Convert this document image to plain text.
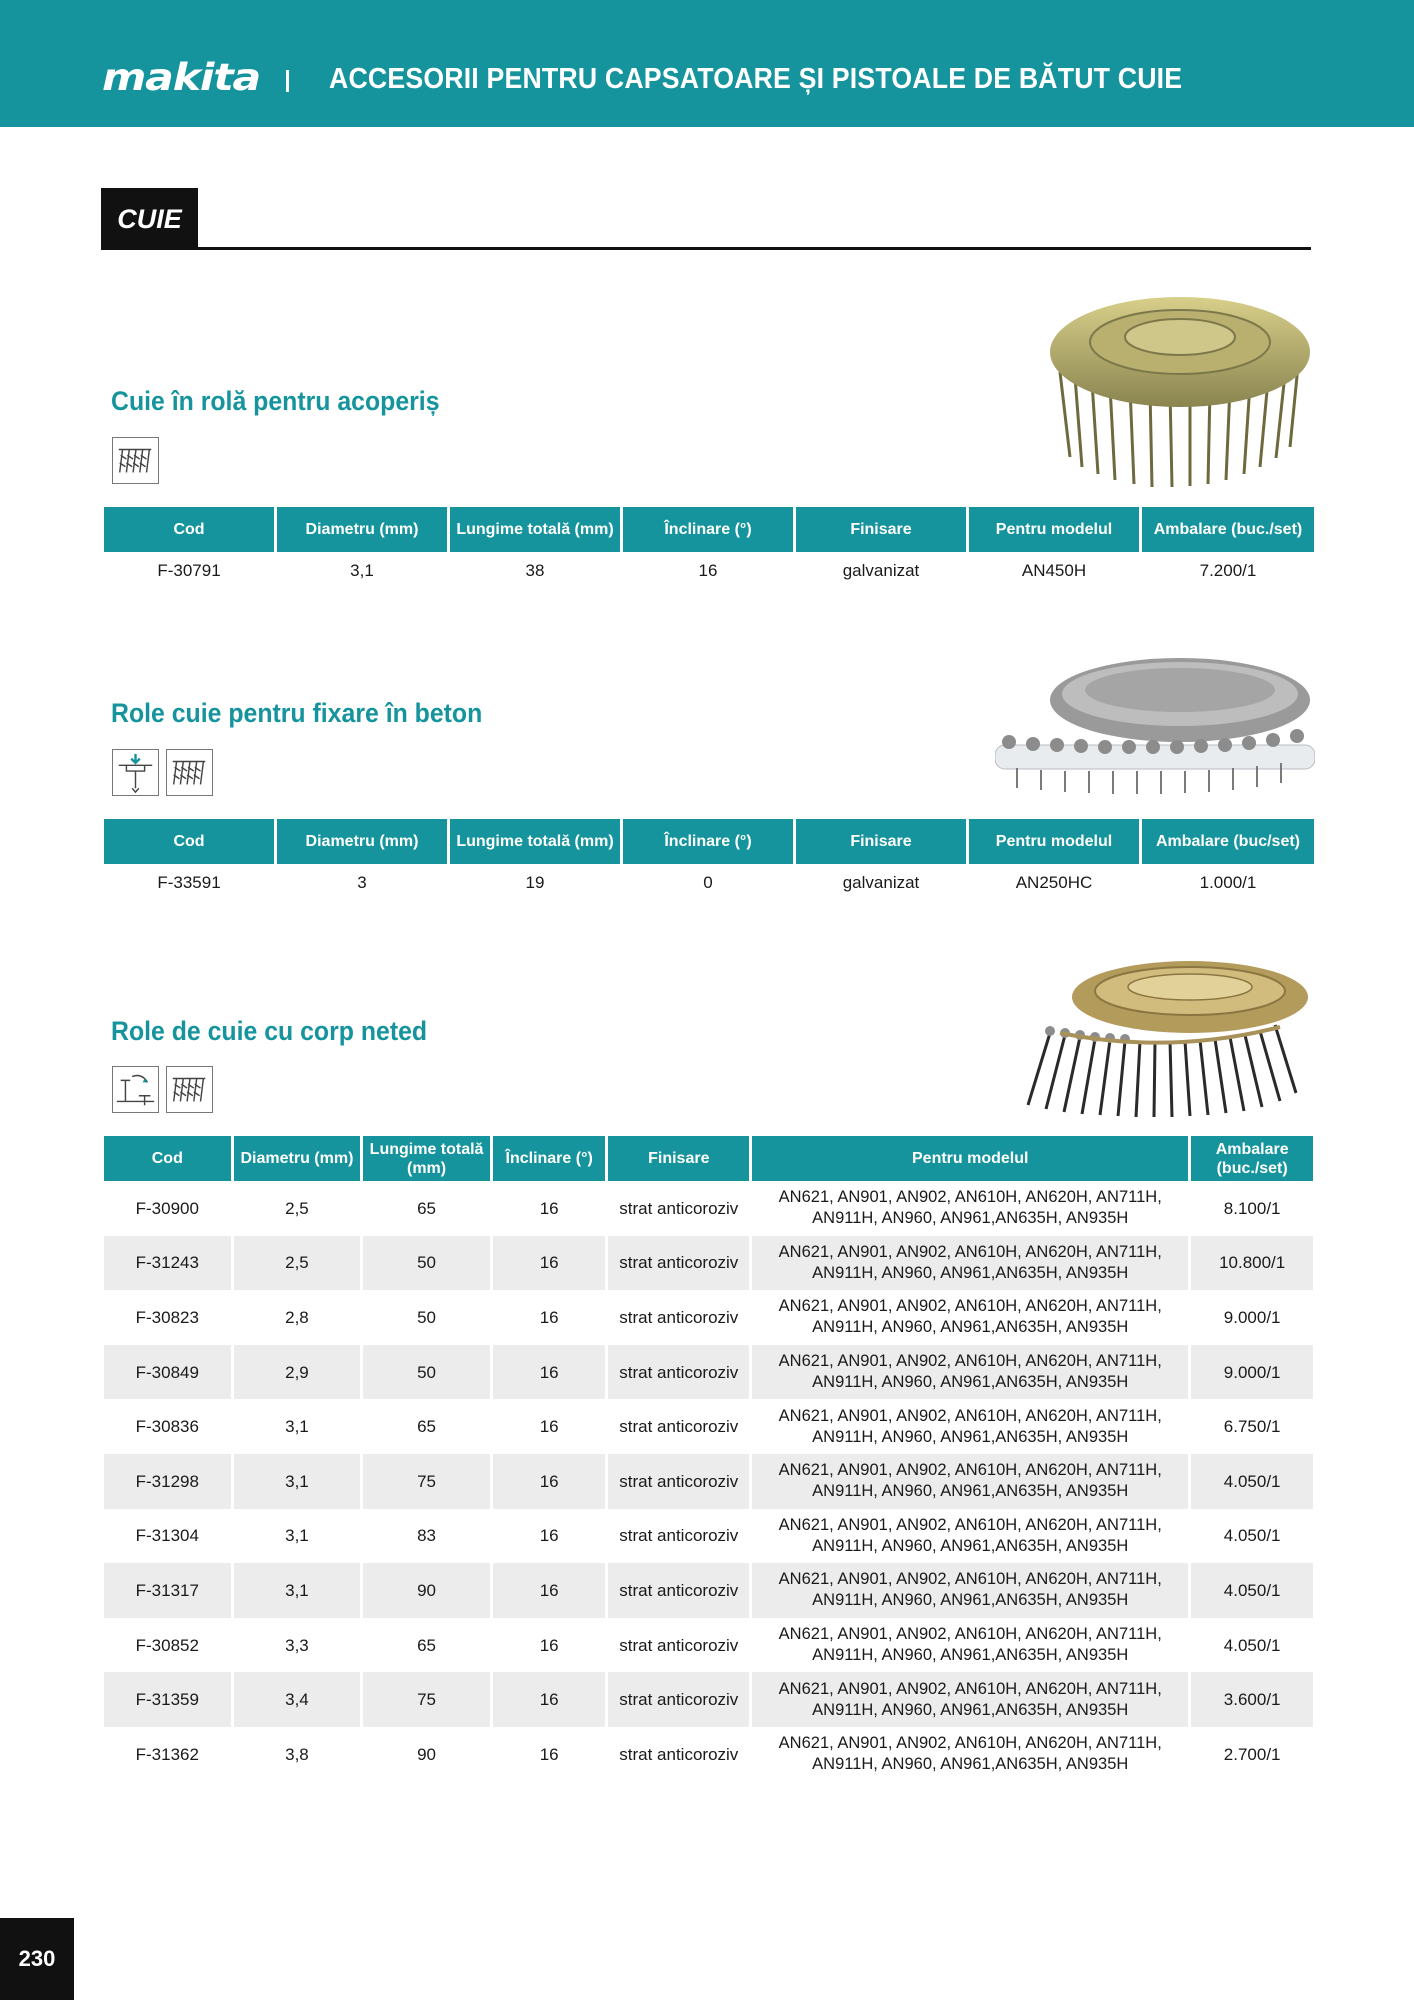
makita ACCESORII PENTRU CAPSATOARE ȘI PISTOALE DE BĂTUT CUIE
CUIE
Cuie în rolă pentru acoperiș
Cod	Diametru (mm)	Lungime totală (mm)	Înclinare (°)	Finisare	Pentru modelul	Ambalare (buc./set)
F-30791	3,1	38	16	galvanizat	AN450H	7.200/1
Role cuie pentru fixare în beton
Cod	Diametru (mm)	Lungime totală (mm)	Înclinare (°)	Finisare	Pentru modelul	Ambalare (buc/set)
F-33591	3	19	0	galvanizat	AN250HC	1.000/1
Role de cuie cu corp neted
Cod	Diametru (mm)	Lungime totală (mm)	Înclinare (°)	Finisare	Pentru modelul	Ambalare (buc./set)
F-30900	2,5	65	16	strat anticoroziv	AN621, AN901, AN902, AN610H, AN620H, AN711H, AN911H, AN960, AN961,AN635H, AN935H	8.100/1
F-31243	2,5	50	16	strat anticoroziv	AN621, AN901, AN902, AN610H, AN620H, AN711H, AN911H, AN960, AN961,AN635H, AN935H	10.800/1
F-30823	2,8	50	16	strat anticoroziv	AN621, AN901, AN902, AN610H, AN620H, AN711H, AN911H, AN960, AN961,AN635H, AN935H	9.000/1
F-30849	2,9	50	16	strat anticoroziv	AN621, AN901, AN902, AN610H, AN620H, AN711H, AN911H, AN960, AN961,AN635H, AN935H	9.000/1
F-30836	3,1	65	16	strat anticoroziv	AN621, AN901, AN902, AN610H, AN620H, AN711H, AN911H, AN960, AN961,AN635H, AN935H	6.750/1
F-31298	3,1	75	16	strat anticoroziv	AN621, AN901, AN902, AN610H, AN620H, AN711H, AN911H, AN960, AN961,AN635H, AN935H	4.050/1
F-31304	3,1	83	16	strat anticoroziv	AN621, AN901, AN902, AN610H, AN620H, AN711H, AN911H, AN960, AN961,AN635H, AN935H	4.050/1
F-31317	3,1	90	16	strat anticoroziv	AN621, AN901, AN902, AN610H, AN620H, AN711H, AN911H, AN960, AN961,AN635H, AN935H	4.050/1
F-30852	3,3	65	16	strat anticoroziv	AN621, AN901, AN902, AN610H, AN620H, AN711H, AN911H, AN960, AN961,AN635H, AN935H	4.050/1
F-31359	3,4	75	16	strat anticoroziv	AN621, AN901, AN902, AN610H, AN620H, AN711H, AN911H, AN960, AN961,AN635H, AN935H	3.600/1
F-31362	3,8	90	16	strat anticoroziv	AN621, AN901, AN902, AN610H, AN620H, AN711H, AN911H, AN960, AN961,AN635H, AN935H	2.700/1
230
